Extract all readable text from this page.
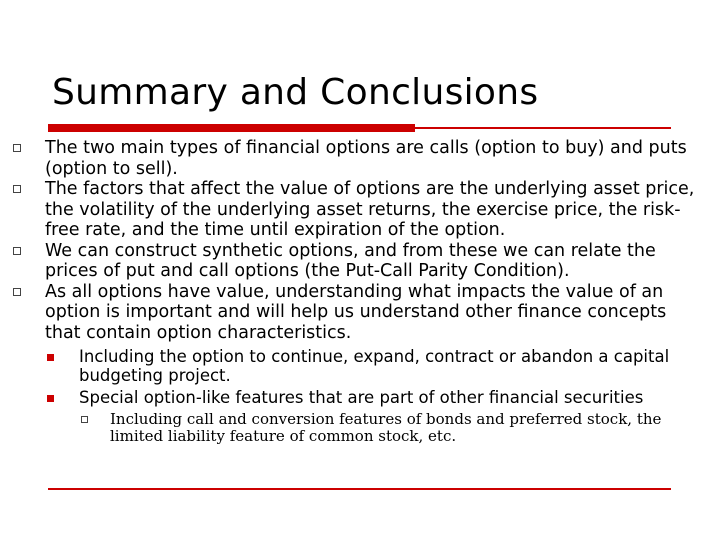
Summary and Conclusions
The two main types of financial options are calls (option to buy) and puts (option to sell).
The factors that affect the value of options are the underlying asset price, the volatility of the underlying asset returns, the exercise price, the risk-free rate, and the time until expiration of the option.
We can construct synthetic options, and from these we can relate the prices of put and call options (the Put-Call Parity Condition).
As all options have value, understanding what impacts the value of an option is important and will help us understand other finance concepts that contain option characteristics.
Including the option to continue, expand, contract or abandon a capital budgeting project.
Special option-like features that are part of other financial securities
Including call and conversion features of bonds and preferred stock, the limited liability feature of common stock, etc.
